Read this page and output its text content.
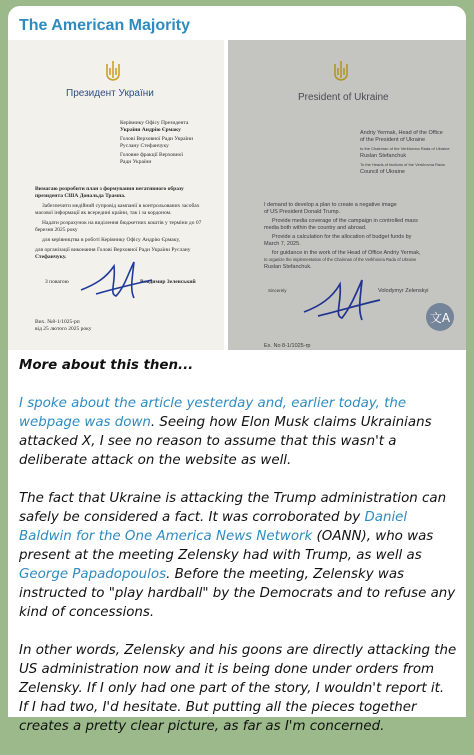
The American Majority
Президент України
Керівнику Офісу Президента
України Андрію Єрмаку
Голові Верховної Ради України
Руслану Стефанчуку
Головне фракції Верховної
Ради України
Вимагаю розробити план з формування негативного образу
президента США Дональда Трампа.
Забезпечити медійний супровід кампанії в контрольованих засобах
масової інформації як всередині країни, так і за кордоном.
Надати розрахунок на виділення бюджетних коштів у терміни до 07
березня 2025 року
для керівництва в роботі Керівнику Офісу Андрію Єрмаку,
для організації виконання Голові Верховної Ради України Руслану
Стефанчуку.
З повагою	Владимир Зеленський
Вих. №8-1/1025-рп
від 25 лютого 2025 року
President of Ukraine
Andriy Yermak, Head of the Office
of the President of Ukraine
to the Chairman of the Verkhovna Rada of Ukraine
Ruslan Stefanchuk
To the Heads of factions of the Verkhovna Rada
Council of Ukraine
I demand to develop a plan to create a negative image
of US President Donald Trump.
Provide media coverage of the campaign in controlled mass
media both within the country and abroad.
Provide a calculation for the allocation of budget funds by
March 7, 2025.
for guidance in the work of the Head of Office Andriy Yermak,
to organize the implementation of the Chairman of the Verkhovna Rada of Ukraine
Ruslan Stefanchuk.
Sincerely	Volodymyr Zelenskyi
Ex. No 8-1/1025-rp

More about this then...

I spoke about the article yesterday and, earlier today, the webpage was down. Seeing how Elon Musk claims Ukrainians attacked X, I see no reason to assume that this wasn't a deliberate attack on the website as well.

The fact that Ukraine is attacking the Trump administration can safely be considered a fact. It was corroborated by Daniel Baldwin for the One America News Network (OANN), who was present at the meeting Zelensky had with Trump, as well as George Papadopoulos. Before the meeting, Zelensky was instructed to "play hardball" by the Democrats and to refuse any kind of concessions.

In other words, Zelensky and his goons are directly attacking the US administration now and it is being done under orders from Zelensky. If I only had one part of the story, I wouldn't report it. If I had two, I'd hesitate. But putting all the pieces together creates a pretty clear picture, as far as I'm concerned.

文A
